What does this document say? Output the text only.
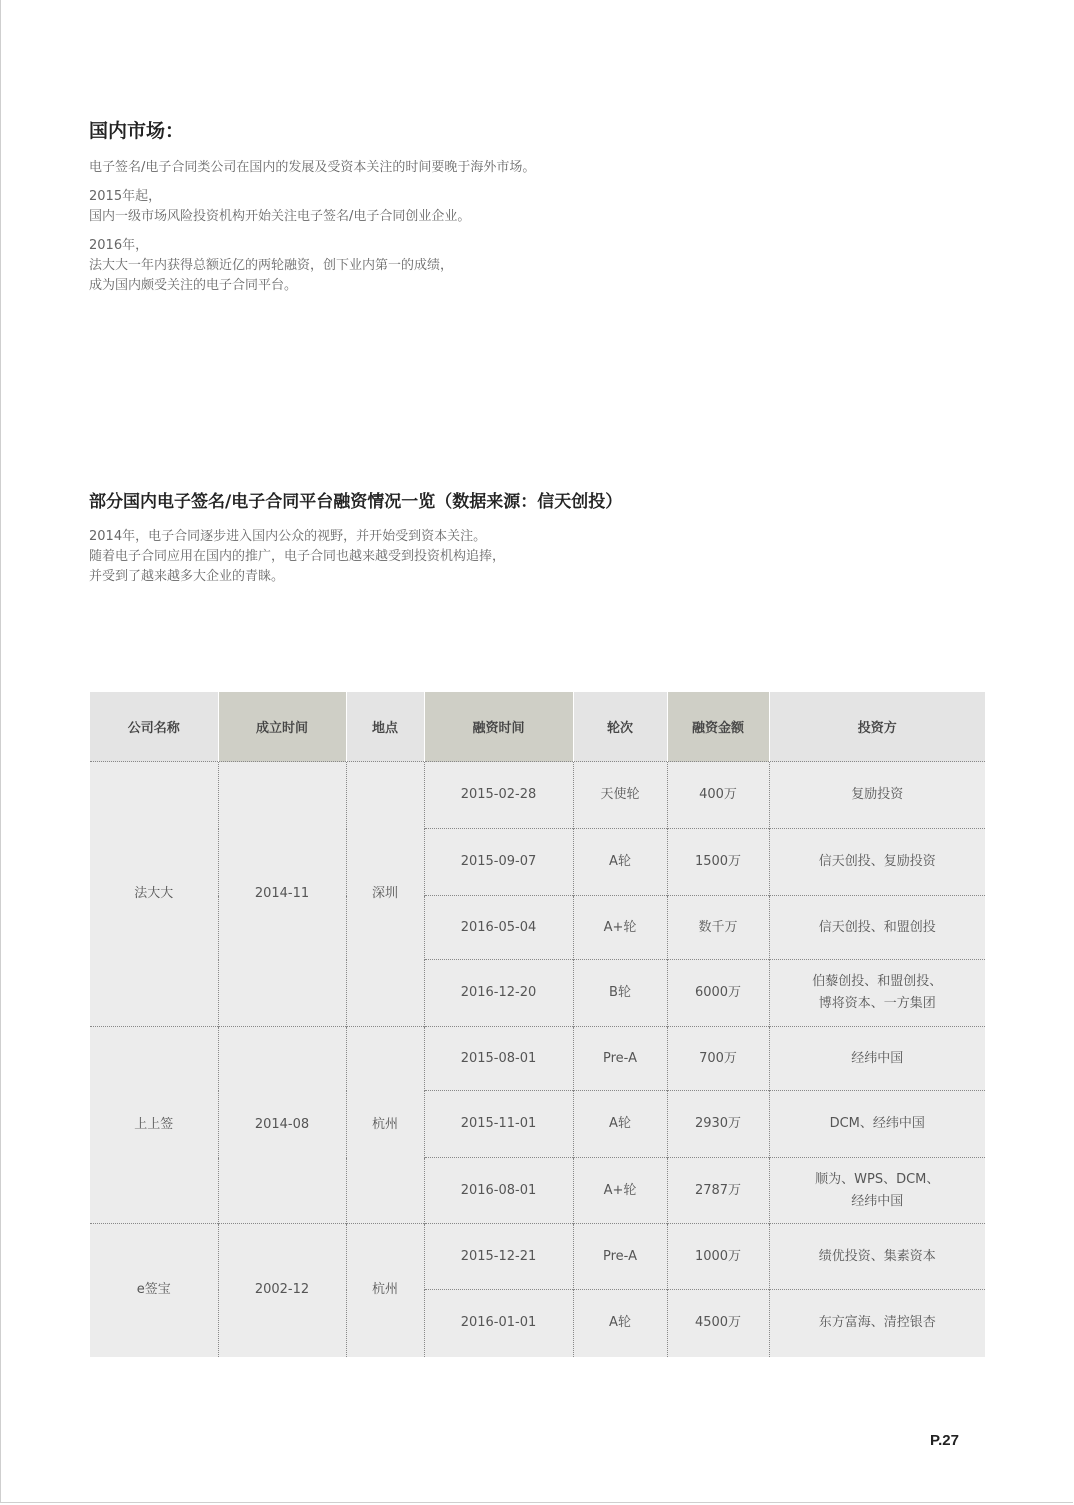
国内市场：

电子签名/电子合同类公司在国内的发展及受资本关注的时间要晚于海外市场。

2015年起，
国内一级市场风险投资机构开始关注电子签名/电子合同创业企业。

2016年，
法大大一年内获得总额近亿的两轮融资，创下业内第一的成绩，
成为国内颇受关注的电子合同平台。

部分国内电子签名/电子合同平台融资情况一览（数据来源：信天创投）

2014年，电子合同逐步进入国内公众的视野，并开始受到资本关注。
随着电子合同应用在国内的推广，电子合同也越来越受到投资机构追捧，
并受到了越来越多大企业的青睐。

公司名称	成立时间	地点	融资时间	轮次	融资金额	投资方
法大大	2014-11	深圳	2015-02-28	天使轮	400万	复励投资

			2015-09-07	A轮	1500万	信天创投、复励投资

			2016-05-04	A+轮	数千万	信天创投、和盟创投

			2016-12-20	B轮	6000万	伯藜创投、和盟创投、
博将资本、一方集团

上上签	2014-08	杭州	2015-08-01	Pre-A	700万	经纬中国

			2015-11-01	A轮	2930万	DCM、经纬中国

			2016-08-01	A+轮	2787万	顺为、WPS、DCM、
经纬中国

e签宝	2002-12	杭州	2015-12-21	Pre-A	1000万	绩优投资、集素资本

			2016-01-01	A轮	4500万	东方富海、清控银杏
P.27
